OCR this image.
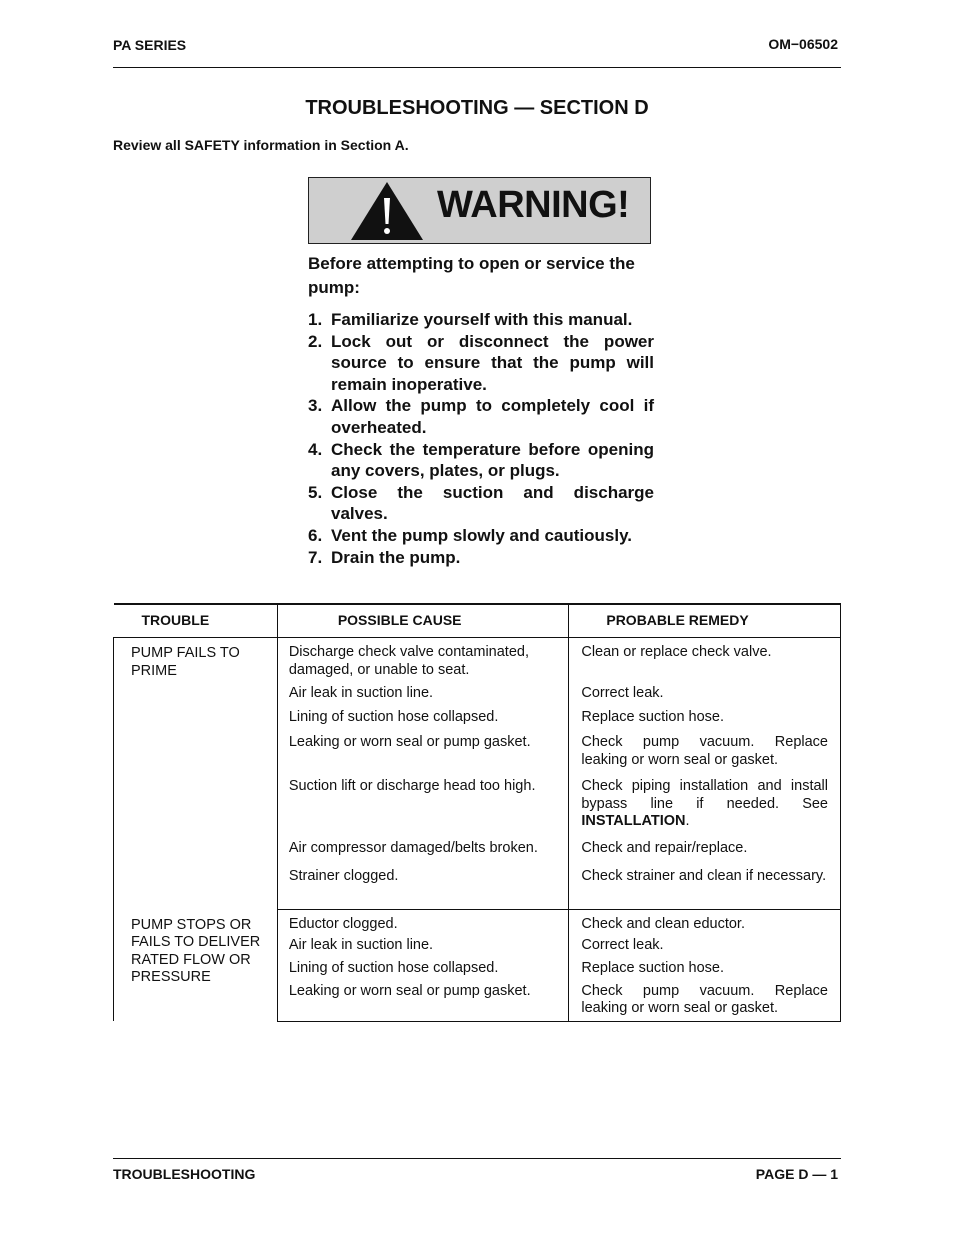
PA SERIES	OM−06502
TROUBLESHOOTING — SECTION D
Review all SAFETY information in Section A.
WARNING!
Before attempting to open or service the pump:
1. Familiarize yourself with this manual.
2. Lock out or disconnect the power source to ensure that the pump will remain inoperative.
3. Allow the pump to completely cool if overheated.
4. Check the temperature before opening any covers, plates, or plugs.
5. Close the suction and discharge valves.
6. Vent the pump slowly and cautiously.
7. Drain the pump.
TROUBLE	POSSIBLE CAUSE	PROBABLE REMEDY
PUMP FAILS TO PRIME	Discharge check valve contaminated, damaged, or unable to seat.	Clean or replace check valve.
	Air leak in suction line.	Correct leak.
	Lining of suction hose collapsed.	Replace suction hose.
	Leaking or worn seal or pump gasket.	Check pump vacuum. Replace leaking or worn seal or gasket.
	Suction lift or discharge head too high.	Check piping installation and install bypass line if needed. See INSTALLATION.
	Air compressor damaged/belts broken.	Check and repair/replace.
	Strainer clogged.	Check strainer and clean if necessary.
PUMP STOPS OR FAILS TO DELIVER RATED FLOW OR PRESSURE	Eductor clogged.	Check and clean eductor.
	Air leak in suction line.	Correct leak.
	Lining of suction hose collapsed.	Replace suction hose.
	Leaking or worn seal or pump gasket.	Check pump vacuum. Replace leaking or worn seal or gasket.
TROUBLESHOOTING	PAGE D — 1
